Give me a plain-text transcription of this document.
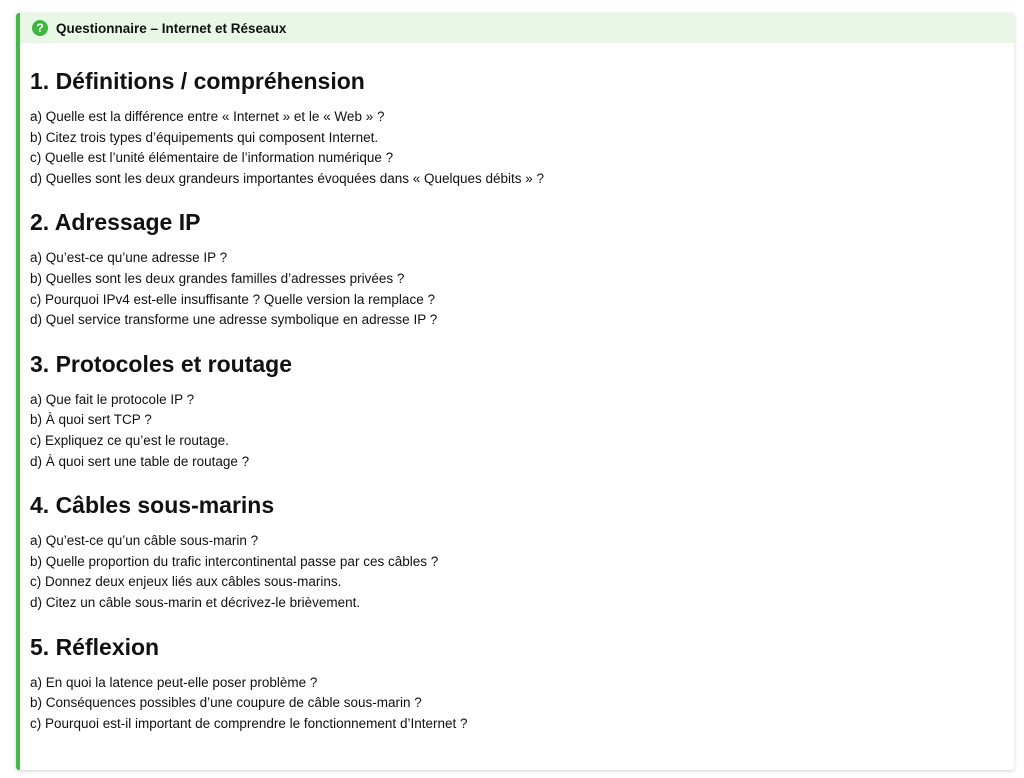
? Questionnaire – Internet et Réseaux
1. Définitions / compréhension
a) Quelle est la différence entre « Internet » et le « Web » ?
b) Citez trois types d’équipements qui composent Internet.
c) Quelle est l’unité élémentaire de l’information numérique ?
d) Quelles sont les deux grandeurs importantes évoquées dans « Quelques débits » ?
2. Adressage IP
a) Qu’est-ce qu’une adresse IP ?
b) Quelles sont les deux grandes familles d’adresses privées ?
c) Pourquoi IPv4 est-elle insuffisante ? Quelle version la remplace ?
d) Quel service transforme une adresse symbolique en adresse IP ?
3. Protocoles et routage
a) Que fait le protocole IP ?
b) À quoi sert TCP ?
c) Expliquez ce qu’est le routage.
d) À quoi sert une table de routage ?
4. Câbles sous-marins
a) Qu’est-ce qu’un câble sous-marin ?
b) Quelle proportion du trafic intercontinental passe par ces câbles ?
c) Donnez deux enjeux liés aux câbles sous-marins.
d) Citez un câble sous-marin et décrivez-le brièvement.
5. Réflexion
a) En quoi la latence peut-elle poser problème ?
b) Conséquences possibles d’une coupure de câble sous-marin ?
c) Pourquoi est-il important de comprendre le fonctionnement d’Internet ?
